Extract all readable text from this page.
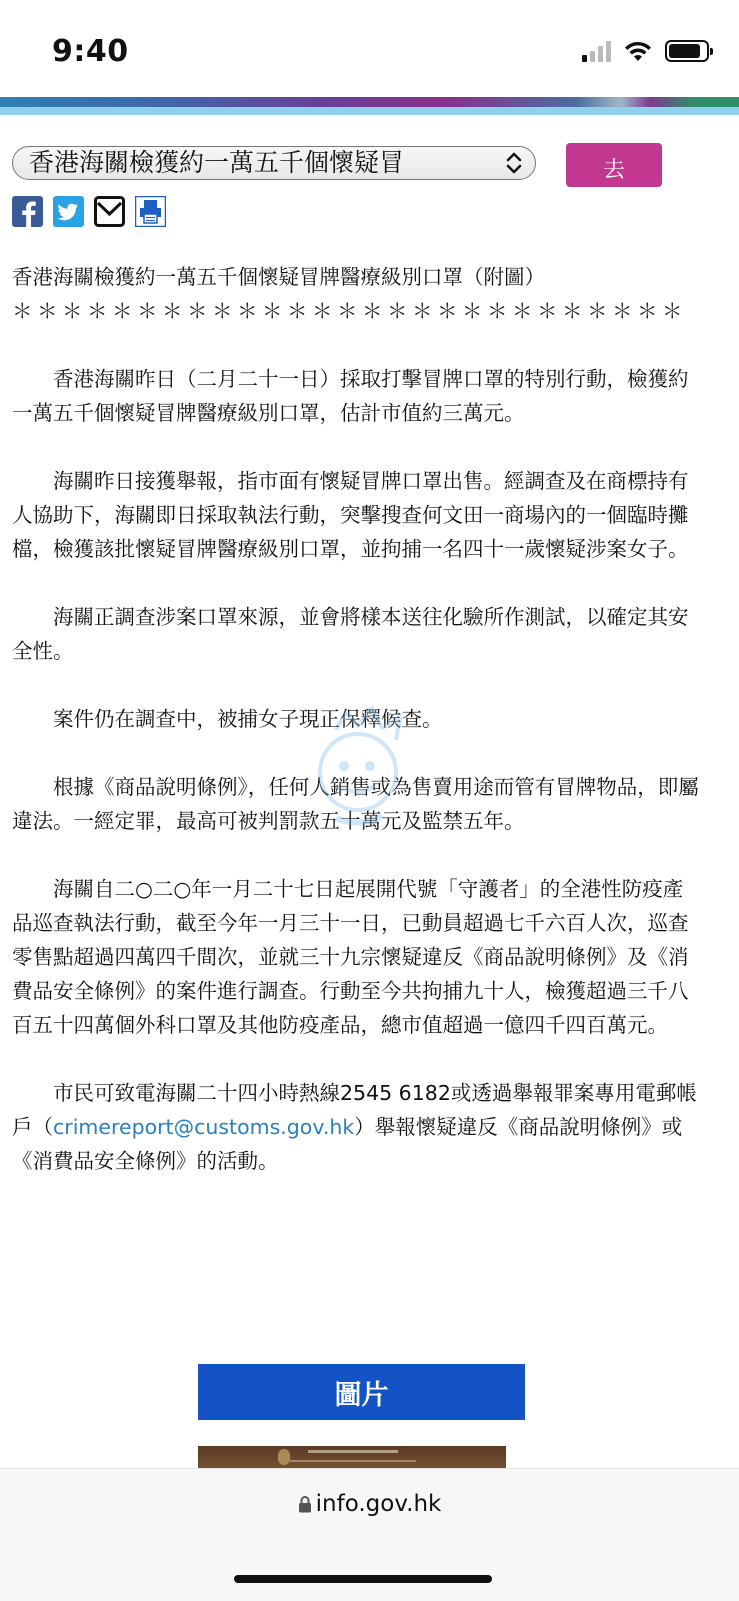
9:40
香港海關檢獲約一萬五千個懷疑冒	去

香港海關檢獲約一萬五千個懷疑冒牌醫療級別口罩（附圖）

＊＊＊＊＊＊＊＊＊＊＊＊＊＊＊＊＊＊＊＊＊＊＊＊＊＊＊

香港海關昨日（二月二十一日）採取打擊冒牌口罩的特別行動，檢獲約一萬五千個懷疑冒牌醫療級別口罩，估計市值約三萬元。

海關昨日接獲舉報，指市面有懷疑冒牌口罩出售。經調查及在商標持有人協助下，海關即日採取執法行動，突擊搜查何文田一商場內的一個臨時攤檔，檢獲該批懷疑冒牌醫療級別口罩，並拘捕一名四十一歲懷疑涉案女子。

海關正調查涉案口罩來源，並會將樣本送往化驗所作測試，以確定其安全性。

案件仍在調查中，被捕女子現正保釋候查。

根據《商品說明條例》，任何人銷售或為售賣用途而管有冒牌物品，即屬違法。一經定罪，最高可被判罰款五十萬元及監禁五年。

海關自二○二○年一月二十七日起展開代號「守護者」的全港性防疫產品巡查執法行動，截至今年一月三十一日，已動員超過七千六百人次，巡查零售點超過四萬四千間次，並就三十九宗懷疑違反《商品說明條例》及《消費品安全條例》的案件進行調查。行動至今共拘捕九十人，檢獲超過三千八百五十四萬個外科口罩及其他防疫產品，總市值超過一億四千四百萬元。

市民可致電海關二十四小時熱線2545 6182或透過舉報罪案專用電郵帳戶（crimereport@customs.gov.hk）舉報懷疑違反《商品說明條例》或《消費品安全條例》的活動。

圖片
info.gov.hk
